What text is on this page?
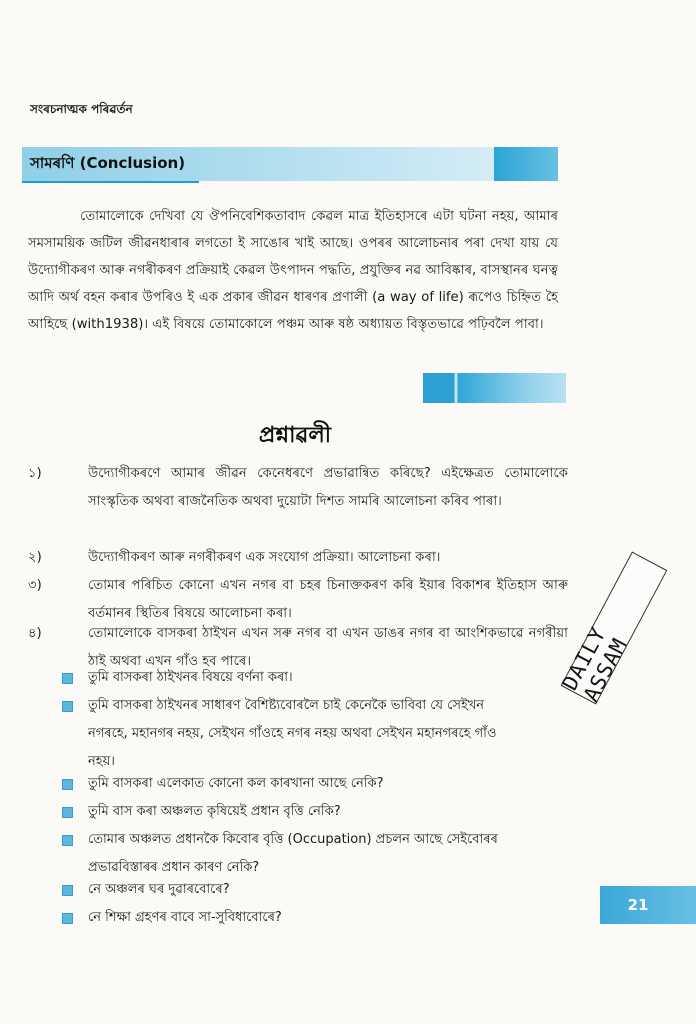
সংৰচনাত্মক পৰিৱৰ্তন
সামৰণি (Conclusion)

তোমালোকে দেখিবা যে ঔপনিবেশিকতাবাদ কেৱল মাত্ৰ ইতিহাসৰে এটা ঘটনা নহয়, আমাৰ সমসাময়িক জটিল জীৱনধাৰাৰ লগতো ই সাঙোৰ খাই আছে। ওপৰৰ আলোচনাৰ পৰা দেখা যায় যে উদ্যোগীকৰণ আৰু নগৰীকৰণ প্ৰক্ৰিয়াই কেৱল উৎপাদন পদ্ধতি, প্ৰযুক্তিৰ নৱ আবিষ্কাৰ, বাসস্থানৰ ঘনত্ব আদি অৰ্থ বহন কৰাৰ উপৰিও ই এক প্ৰকাৰ জীৱন ধাৰণৰ প্ৰণালী (a way of life) ৰূপেও চিহ্নিত হৈ আহিছে (with1938)। এই বিষয়ে তোমাকোলে পঞ্চম আৰু ষষ্ঠ অধ্যায়ত বিস্তৃতভাৱে পঢ়িবলৈ পাবা।

প্ৰশ্নাৱলী
১)	উদ্যোগীকৰণে আমাৰ জীৱন কেনেধৰণে প্ৰভাৱান্বিত কৰিছে? এইক্ষেত্ৰত তোমালোকে সাংস্কৃতিক অথবা ৰাজনৈতিক অথবা দুয়োটা দিশত সামৰি আলোচনা কৰিব পাৰা।
২)	উদ্যোগীকৰণ আৰু নগৰীকৰণ এক সংযোগ প্ৰক্ৰিয়া। আলোচনা কৰা।
৩)	তোমাৰ পৰিচিত কোনো এখন নগৰ বা চহৰ চিনাক্তকৰণ কৰি ইয়াৰ বিকাশৰ ইতিহাস আৰু বৰ্তমানৰ স্থিতিৰ বিষয়ে আলোচনা কৰা।
৪)	তোমালোকে বাসকৰা ঠাইখন এখন সৰু নগৰ বা এখন ডাঙৰ নগৰ বা আংশিকভাৱে নগৰীয়া ঠাই অথবা এখন গাঁও হব পাৰে।
তুমি বাসকৰা ঠাইখনৰ বিষয়ে বৰ্ণনা কৰা।
তুমি বাসকৰা ঠাইখনৰ সাধাৰণ বৈশিষ্ট্যবোৰলৈ চাই কেনেকৈ ভাবিবা যে সেইখন নগৰহে, মহানগৰ নহয়, সেইখন গাঁওহে নগৰ নহয় অথবা সেইখন মহানগৰহে গাঁও নহয়।
তুমি বাসকৰা এলেকাত কোনো কল কাৰখানা আছে নেকি?
তুমি বাস কৰা অঞ্চলত কৃষিয়েই প্ৰধান বৃত্তি নেকি?
তোমাৰ অঞ্চলত প্ৰধানকৈ কিবোৰ বৃত্তি (Occupation) প্ৰচলন আছে সেইবোৰৰ প্ৰভাৱবিস্তাৰৰ প্ৰধান কাৰণ নেকি?
নে অঞ্চলৰ ঘৰ দুৱাৰবোৰে?
নে শিক্ষা গ্ৰহণৰ বাবে সা-সুবিধাবোৰে?
DAILY ASSAM
21
